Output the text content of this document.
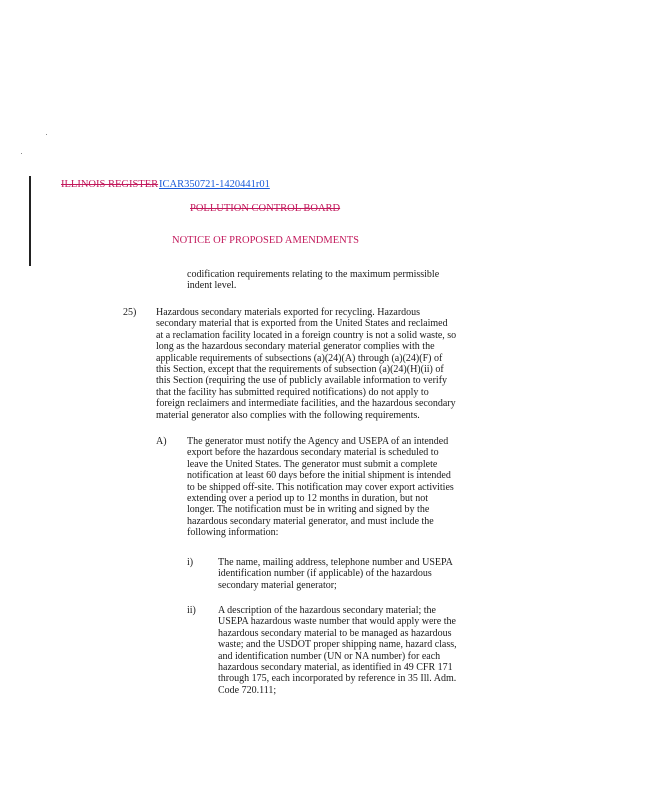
ILLINOIS REGISTER ICAR350721-1420441r01
POLLUTION CONTROL BOARD
NOTICE OF PROPOSED AMENDMENTS
codification requirements relating to the maximum permissible
indent level.
25) Hazardous secondary materials exported for recycling. Hazardous
secondary material that is exported from the United States and reclaimed
at a reclamation facility located in a foreign country is not a solid waste, so
long as the hazardous secondary material generator complies with the
applicable requirements of subsections (a)(24)(A) through (a)(24)(F) of
this Section, except that the requirements of subsection (a)(24)(H)(ii) of
this Section (requiring the use of publicly available information to verify
that the facility has submitted required notifications) do not apply to
foreign reclaimers and intermediate facilities, and the hazardous secondary
material generator also complies with the following requirements.
A) The generator must notify the Agency and USEPA of an intended
export before the hazardous secondary material is scheduled to
leave the United States. The generator must submit a complete
notification at least 60 days before the initial shipment is intended
to be shipped off-site. This notification may cover export activities
extending over a period up to 12 months in duration, but not
longer. The notification must be in writing and signed by the
hazardous secondary material generator, and must include the
following information:
i) The name, mailing address, telephone number and USEPA
identification number (if applicable) of the hazardous
secondary material generator;
ii) A description of the hazardous secondary material; the
USEPA hazardous waste number that would apply were the
hazardous secondary material to be managed as hazardous
waste; and the USDOT proper shipping name, hazard class,
and identification number (UN or NA number) for each
hazardous secondary material, as identified in 49 CFR 171
through 175, each incorporated by reference in 35 Ill. Adm.
Code 720.111;
